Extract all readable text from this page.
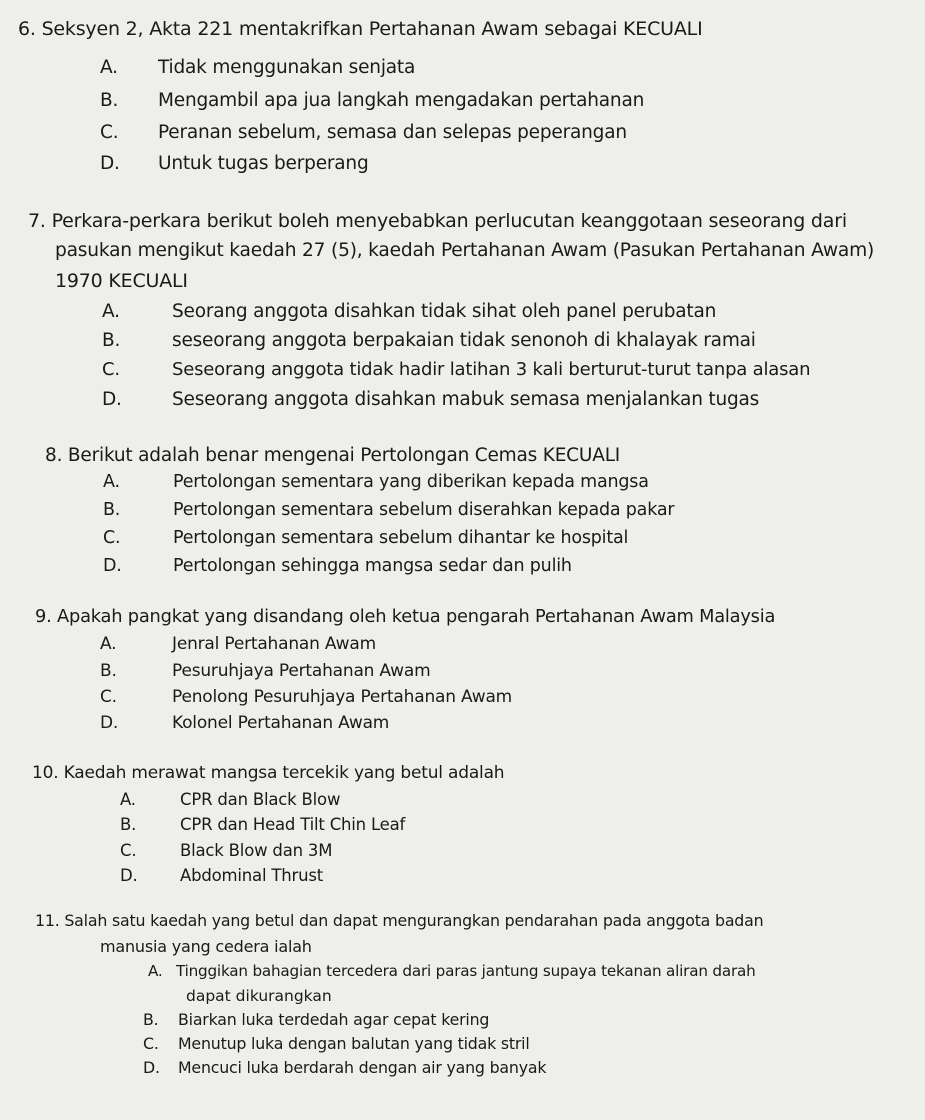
6. Seksyen 2, Akta 221 mentakrifkan Pertahanan Awam sebagai KECUALI
A. Tidak menggunakan senjata
B. Mengambil apa jua langkah mengadakan pertahanan
C. Peranan sebelum, semasa dan selepas peperangan
D. Untuk tugas berperang
7. Perkara-perkara berikut boleh menyebabkan perlucutan keanggotaan seseorang dari
pasukan mengikut kaedah 27 (5), kaedah Pertahanan Awam (Pasukan Pertahanan Awam)
1970 KECUALI
A.	Seorang anggota disahkan tidak sihat oleh panel perubatan
B.	seseorang anggota berpakaian tidak senonoh di khalayak ramai
C.	Seseorang anggota tidak hadir latihan 3 kali berturut-turut tanpa alasan
D.	Seseorang anggota disahkan mabuk semasa menjalankan tugas
8. Berikut adalah benar mengenai Pertolongan Cemas KECUALI
A.	Pertolongan sementara yang diberikan kepada mangsa
B.	Pertolongan sementara sebelum diserahkan kepada pakar
C.	Pertolongan sementara sebelum dihantar ke hospital
D.	Pertolongan sehingga mangsa sedar dan pulih
9. Apakah pangkat yang disandang oleh ketua pengarah Pertahanan Awam Malaysia
A.	Jenral Pertahanan Awam
B.	Pesuruhjaya Pertahanan Awam
C.	Penolong Pesuruhjaya Pertahanan Awam
D.	Kolonel Pertahanan Awam
10. Kaedah merawat mangsa tercekik yang betul adalah
A.	CPR dan Black Blow
B.	CPR dan Head Tilt Chin Leaf
C.	Black Blow dan 3M
D.	Abdominal Thrust
11. Salah satu kaedah yang betul dan dapat mengurangkan pendarahan pada anggota badan
manusia yang cedera ialah
A. Tinggikan bahagian tercedera dari paras jantung supaya tekanan aliran darah
dapat dikurangkan
B. Biarkan luka terdedah agar cepat kering
C. Menutup luka dengan balutan yang tidak stril
D. Mencuci luka berdarah dengan air yang banyak
